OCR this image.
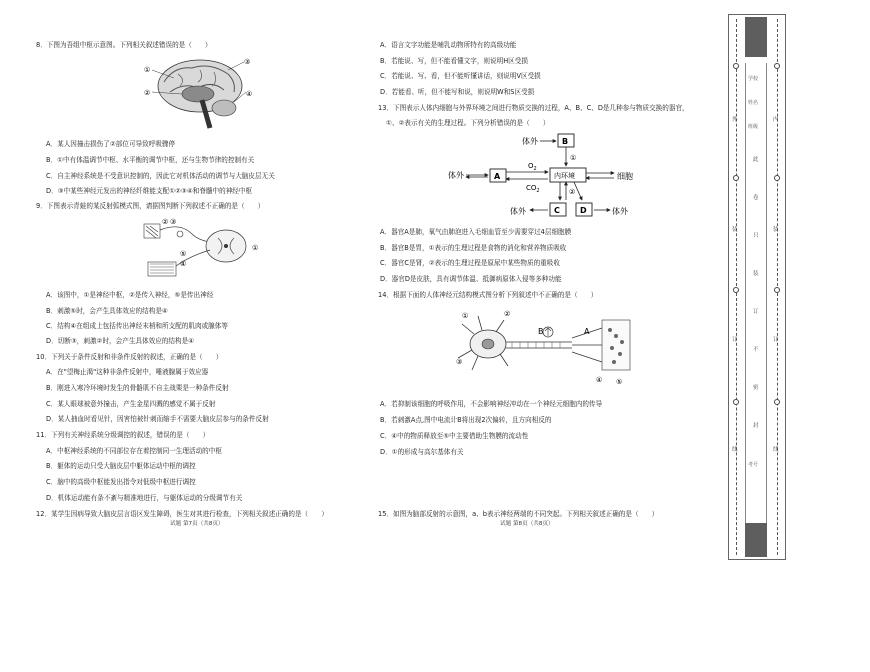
8．下图为吾组中枢示意图。下列相关叙述错误的是（　　）
①
②
③
④
A．某人因撞击损伤了②部位可导致呼吸骤停
B．①中有体温调节中枢、水平衡的调节中枢，还与生物节律的控制有关
C．自主神经系统是不受意识控制的，因此它对机体活动的调节与大脑皮层无关
D．③中某些神经元发出的神经纤维能支配①②③④和脊髓中的神经中枢
9．下图表示青蛙的某反射弧模式图，请据图判断下列叙述不正确的是（　　）
② ③
④
⑤
①
A．该图中，①是神经中枢，②是传入神经，⑤是传出神经
B．刺激⑤时，会产生具体效应的结构是④
C．结构④在组成上包括传出神经末梢和所支配的肌肉或腺体等
D．切断③，刺激②时，会产生具体效应的结构是④
10．下列关于条件反射和非条件反射的叙述，正确的是（　　）
A．在"望梅止渴"这种非条件反射中，唾液腺属于效应器
B．刚进入寒冷环境时发生的骨骼肌不自主战栗是一种条件反射
C．某人眼球被意外撞击，产生金星四溅的感觉不属于反射
D．某人抽血时看见针，因害怕被针刺而缩手不需要大脑皮层参与的条件反射
11．下列有关神经系统分级调控的叙述，错误的是（　　）
A．中枢神经系统的不同部位存在着控制同一生理活动的中枢
B．躯体的运动只受大脑皮层中躯体运动中枢的调控
C．脑中的高级中枢能发出指令对低级中枢进行调控
D．机体运动能有条不紊与精准地进行，与躯体运动的分级调节有关
12．某学生因病导致大脑皮层言语区发生障碍，医生对其进行检查，下列相关叙述正确的是（　　）
试题 第7页（共8页）
A．语言文字功能是哺乳动物所特有的高级功能
B．若能说、写，但不能看懂文字，则说明H区受损
C．若能说、写、看，但不能听懂讲话，则说明V区受损
D．若能看、听，但不能写和说，则说明W和S区受损
13．下图表示人体内细胞与外界环境之间进行物质交换的过程，A、B、C、D是几种参与物质交换的器官，
①、②表示有关的生理过程。下列分析错误的是（　　）
体外	B
①
体外	A
$O_2$
$CO_2$
内环境	细胞
②
体外	C	D	体外
A．器官A是肺，氧气由肺泡进入毛细血管至少需要穿过4层细胞膜
B．器官B是胃，①表示的生理过程是食物的消化和营养物质吸收
C．器官C是肾，②表示的生理过程是原尿中某些物质的重吸收
D．器官D是皮肤，具有调节体温、抵御病原体入侵等多种功能
14．根据下面的人体神经元结构模式图分析下列叙述中不正确的是（　　）
①	②
③
④ ⑤
B	A
A．若抑制该细胞的呼吸作用，不会影响神经冲动在一个神经元细胞内的传导
B．若刺激A点,图中电流计B将出现2次偏转，且方向相反的
C．④中的物质释放至⑤中主要借助生物膜的流动性
D．①的形成与高尔基体有关
15．如图为脑部反射的示意图，a、b表示神经两端的不同突起。下列相关叙述正确的是（　　）
试题 第8页（共8页）
外
装
订
线
内
装
订
线
此
卷
只
装
订
不
密
封
学校
姓名
班级
考号
